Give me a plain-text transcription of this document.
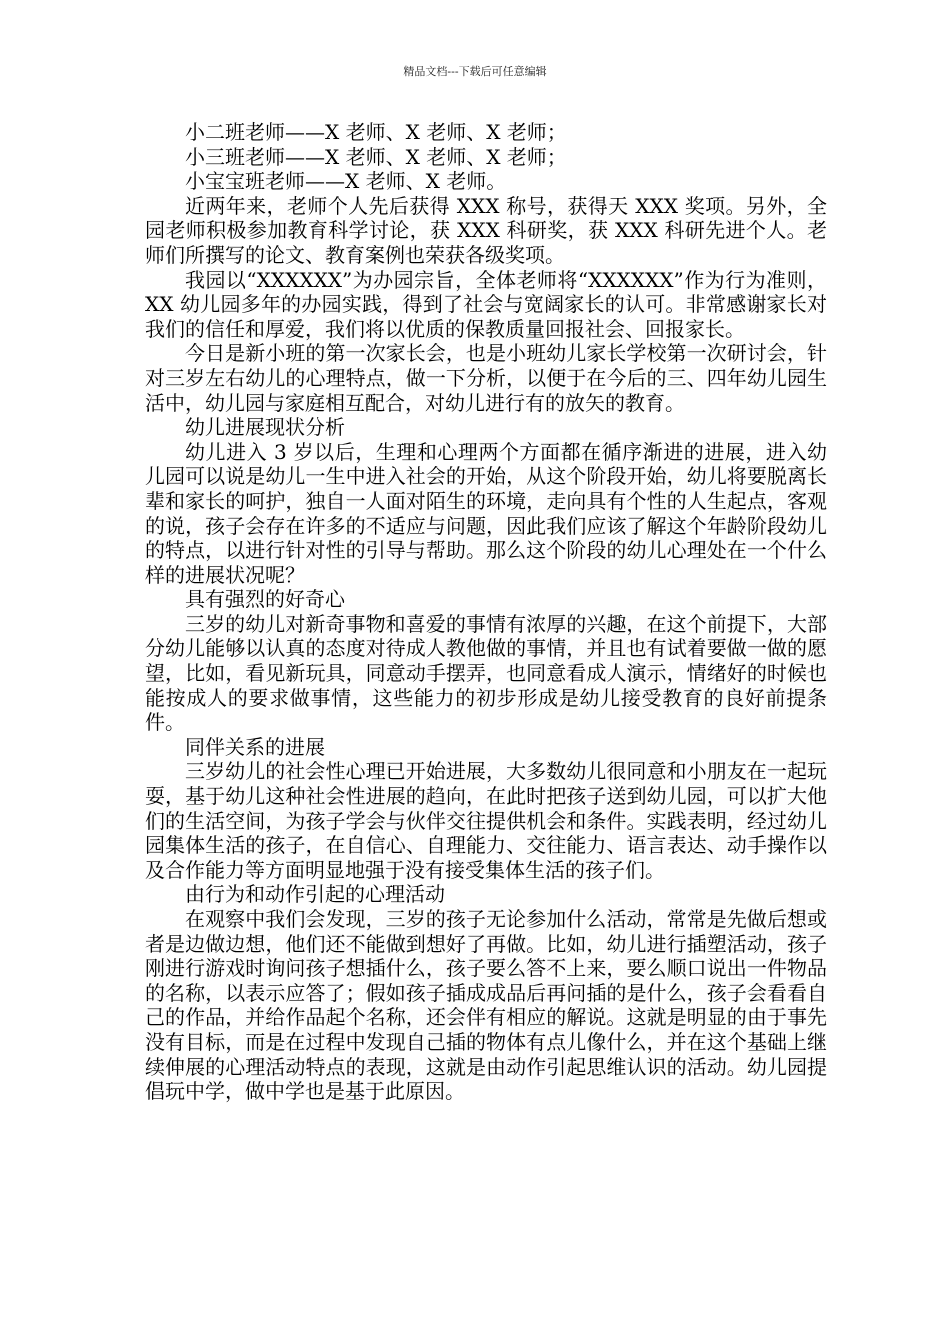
精品文档---下载后可任意编辑

小二班老师——X 老师、X 老师、X 老师；

小三班老师——X 老师、X 老师、X 老师；

小宝宝班老师——X 老师、X 老师。

近两年来，老师个人先后获得 XXX 称号，获得天 XXX 奖项。另外，全园老师积极参加教育科学讨论，获 XXX 科研奖，获 XXX 科研先进个人。老师们所撰写的论文、教育案例也荣获各级奖项。

我园以“XXXXXX”为办园宗旨，全体老师将“XXXXXX”作为行为准则，XX 幼儿园多年的办园实践，得到了社会与宽阔家长的认可。非常感谢家长对我们的信任和厚爱，我们将以优质的保教质量回报社会、回报家长。

今日是新小班的第一次家长会，也是小班幼儿家长学校第一次研讨会，针对三岁左右幼儿的心理特点，做一下分析，以便于在今后的三、四年幼儿园生活中，幼儿园与家庭相互配合，对幼儿进行有的放矢的教育。

幼儿进展现状分析

幼儿进入 3 岁以后，生理和心理两个方面都在循序渐进的进展，进入幼儿园可以说是幼儿一生中进入社会的开始，从这个阶段开始，幼儿将要脱离长辈和家长的呵护，独自一人面对陌生的环境，走向具有个性的人生起点，客观的说，孩子会存在许多的不适应与问题，因此我们应该了解这个年龄阶段幼儿的特点，以进行针对性的引导与帮助。那么这个阶段的幼儿心理处在一个什么样的进展状况呢？

具有强烈的好奇心

三岁的幼儿对新奇事物和喜爱的事情有浓厚的兴趣，在这个前提下，大部分幼儿能够以认真的态度对待成人教他做的事情，并且也有试着要做一做的愿望，比如，看见新玩具，同意动手摆弄，也同意看成人演示，情绪好的时候也能按成人的要求做事情，这些能力的初步形成是幼儿接受教育的良好前提条件。

同伴关系的进展

三岁幼儿的社会性心理已开始进展，大多数幼儿很同意和小朋友在一起玩耍，基于幼儿这种社会性进展的趋向，在此时把孩子送到幼儿园，可以扩大他们的生活空间，为孩子学会与伙伴交往提供机会和条件。实践表明，经过幼儿园集体生活的孩子，在自信心、自理能力、交往能力、语言表达、动手操作以及合作能力等方面明显地强于没有接受集体生活的孩子们。

由行为和动作引起的心理活动

在观察中我们会发现，三岁的孩子无论参加什么活动，常常是先做后想或者是边做边想，他们还不能做到想好了再做。比如，幼儿进行插塑活动，孩子刚进行游戏时询问孩子想插什么，孩子要么答不上来，要么顺口说出一件物品的名称，以表示应答了；假如孩子插成成品后再问插的是什么，孩子会看看自己的作品，并给作品起个名称，还会伴有相应的解说。这就是明显的由于事先没有目标，而是在过程中发现自己插的物体有点儿像什么，并在这个基础上继续伸展的心理活动特点的表现，这就是由动作引起思维认识的活动。幼儿园提倡玩中学，做中学也是基于此原因。
